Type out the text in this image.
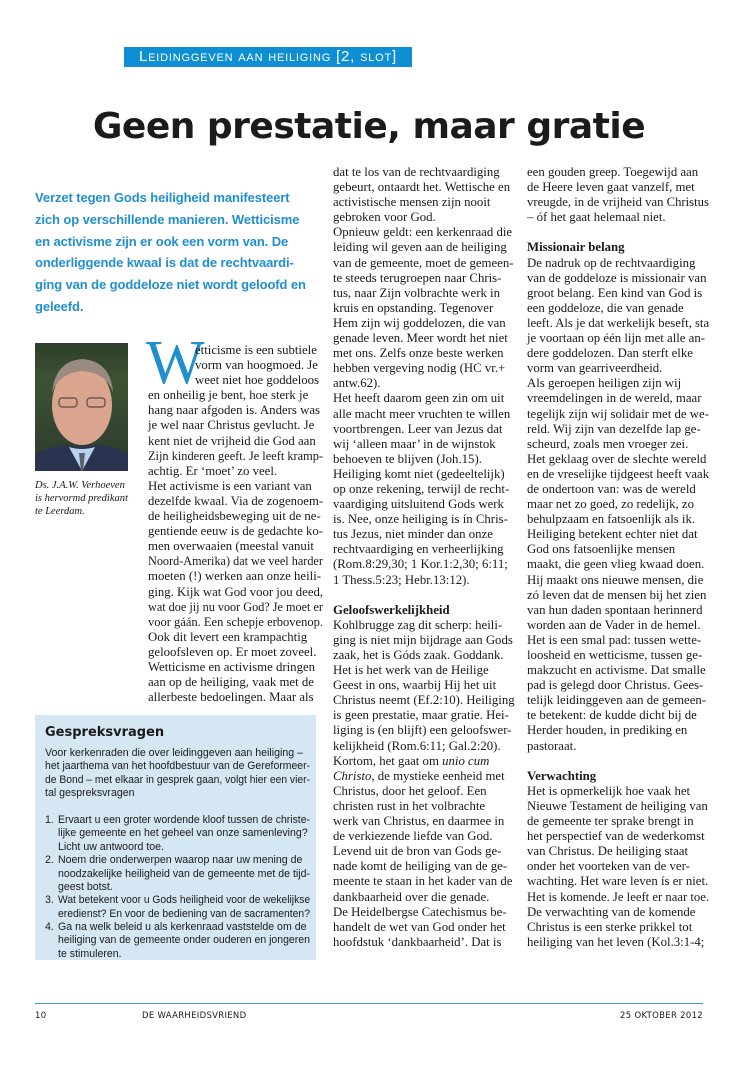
Leidinggeven aan heiliging [2, slot]
Geen prestatie, maar gratie
Verzet tegen Gods heiligheid manifesteert
zich op verschillende manieren. Wetticisme
en activisme zijn er ook een vorm van. De
onderliggende kwaal is dat de rechtvaardi-
ging van de goddeloze niet wordt geloofd en
geleefd.
Ds. J.A.W. Verhoeven
is hervormd predikant
te Leerdam.
W
etticisme is een subtiele
vorm van hoogmoed. Je
weet niet hoe goddeloos
en onheilig je bent, hoe sterk je
hang naar afgoden is. Anders was
je wel naar Christus gevlucht. Je
kent niet de vrijheid die God aan
Zijn kinderen geeft. Je leeft kramp-
achtig. Er ‘moet’ zo veel.
Het activisme is een variant van
dezelfde kwaal. Via de zogenoem-
de heiligheidsbeweging uit de ne-
gentiende eeuw is de gedachte ko-
men overwaaien (meestal vanuit
Noord-Amerika) dat we veel harder
moeten (!) werken aan onze heili-
ging. Kijk wat God voor jou deed,
wat doe jij nu voor God? Je moet er
voor gáán. Een schepje erbovenop.
Ook dit levert een krampachtig
geloofsleven op. Er moet zoveel.
Wetticisme en activisme dringen
aan op de heiliging, vaak met de
allerbeste bedoelingen. Maar als
dat te los van de rechtvaardiging
gebeurt, ontaardt het. Wettische en
activistische mensen zijn nooit
gebroken voor God.
Opnieuw geldt: een kerkenraad die
leiding wil geven aan de heiliging
van de gemeente, moet de gemeen-
te steeds terugroepen naar Chris-
tus, naar Zijn volbrachte werk in
kruis en opstanding. Tegenover
Hem zijn wij goddelozen, die van
genade leven. Meer wordt het niet
met ons. Zelfs onze beste werken
hebben vergeving nodig (HC vr.+
antw.62).
Het heeft daarom geen zin om uit
alle macht meer vruchten te willen
voortbrengen. Leer van Jezus dat
wij ‘alleen maar’ in de wijnstok
behoeven te blijven (Joh.15).
Heiliging komt niet (gedeeltelijk)
op onze rekening, terwijl de recht-
vaardiging uitsluitend Gods werk
is. Nee, onze heiliging is ín Chris-
tus Jezus, niet minder dan onze
rechtvaardiging en verheerlijking
(Rom.8:29,30; 1 Kor.1:2,30; 6:11;
1 Thess.5:23; Hebr.13:12).
Geloofswerkelijkheid
Kohlbrugge zag dit scherp: heili-
ging is niet mijn bijdrage aan Gods
zaak, het is Góds zaak. Goddank.
Het is het werk van de Heilige
Geest in ons, waarbij Hij het uit
Christus neemt (Ef.2:10). Heiliging
is geen prestatie, maar gratie. Hei-
liging is (en blijft) een geloofswer-
kelijkheid (Rom.6:11; Gal.2:20).
Kortom, het gaat om unio cum
Christo, de mystieke eenheid met
Christus, door het geloof. Een
christen rust in het volbrachte
werk van Christus, en daarmee in
de verkiezende liefde van God.
Levend uit de bron van Gods ge-
nade komt de heiliging van de ge-
meente te staan in het kader van de
dankbaarheid over die genade.
De Heidelbergse Catechismus be-
handelt de wet van God onder het
hoofdstuk ‘dankbaarheid’. Dat is
een gouden greep. Toegewijd aan
de Heere leven gaat vanzelf, met
vreugde, in de vrijheid van Christus
– óf het gaat helemaal niet.
Missionair belang
De nadruk op de rechtvaardiging
van de goddeloze is missionair van
groot belang. Een kind van God is
een goddeloze, die van genade
leeft. Als je dat werkelijk beseft, sta
je voortaan op één lijn met alle an-
dere goddelozen. Dan sterft elke
vorm van gearriveerdheid.
Als geroepen heiligen zijn wij
vreemdelingen in de wereld, maar
tegelijk zijn wij solidair met de we-
reld. Wij zijn van dezelfde lap ge-
scheurd, zoals men vroeger zei.
Het geklaag over de slechte wereld
en de vreselijke tijdgeest heeft vaak
de ondertoon van: was de wereld
maar net zo goed, zo redelijk, zo
behulpzaam en fatsoenlijk als ik.
Heiliging betekent echter niet dat
God ons fatsoenlijke mensen
maakt, die geen vlieg kwaad doen.
Hij maakt ons nieuwe mensen, die
zó leven dat de mensen bij het zien
van hun daden spontaan herinnerd
worden aan de Vader in de hemel.
Het is een smal pad: tussen wette-
loosheid en wetticisme, tussen ge-
makzucht en activisme. Dat smalle
pad is gelegd door Christus. Gees-
telijk leidinggeven aan de gemeen-
te betekent: de kudde dicht bij de
Herder houden, in prediking en
pastoraat.
Verwachting
Het is opmerkelijk hoe vaak het
Nieuwe Testament de heiliging van
de gemeente ter sprake brengt in
het perspectief van de wederkomst
van Christus. De heiliging staat
onder het voorteken van de ver-
wachting. Het ware leven ís er niet.
Het is komende. Je leeft er naar toe.
De verwachting van de komende
Christus is een sterke prikkel tot
heiliging van het leven (Kol.3:1-4;
Gespreksvragen
Voor kerkenraden die over leidinggeven aan heiliging –
het jaarthema van het hoofdbestuur van de Gereformeer-
de Bond – met elkaar in gesprek gaan, volgt hier een vier-
tal gespreksvragen
1. Ervaart u een groter wordende kloof tussen de christe-
lijke gemeente en het geheel van onze samenleving?
Licht uw antwoord toe.
2. Noem drie onderwerpen waarop naar uw mening de
noodzakelijke heiligheid van de gemeente met de tijd-
geest botst.
3. Wat betekent voor u Gods heiligheid voor de wekelijkse
eredienst? En voor de bediening van de sacramenten?
4. Ga na welk beleid u als kerkenraad vaststelde om de
heiliging van de gemeente onder ouderen en jongeren
te stimuleren.
10	DE WAARHEIDSVRIEND	25 OKTOBER 2012
